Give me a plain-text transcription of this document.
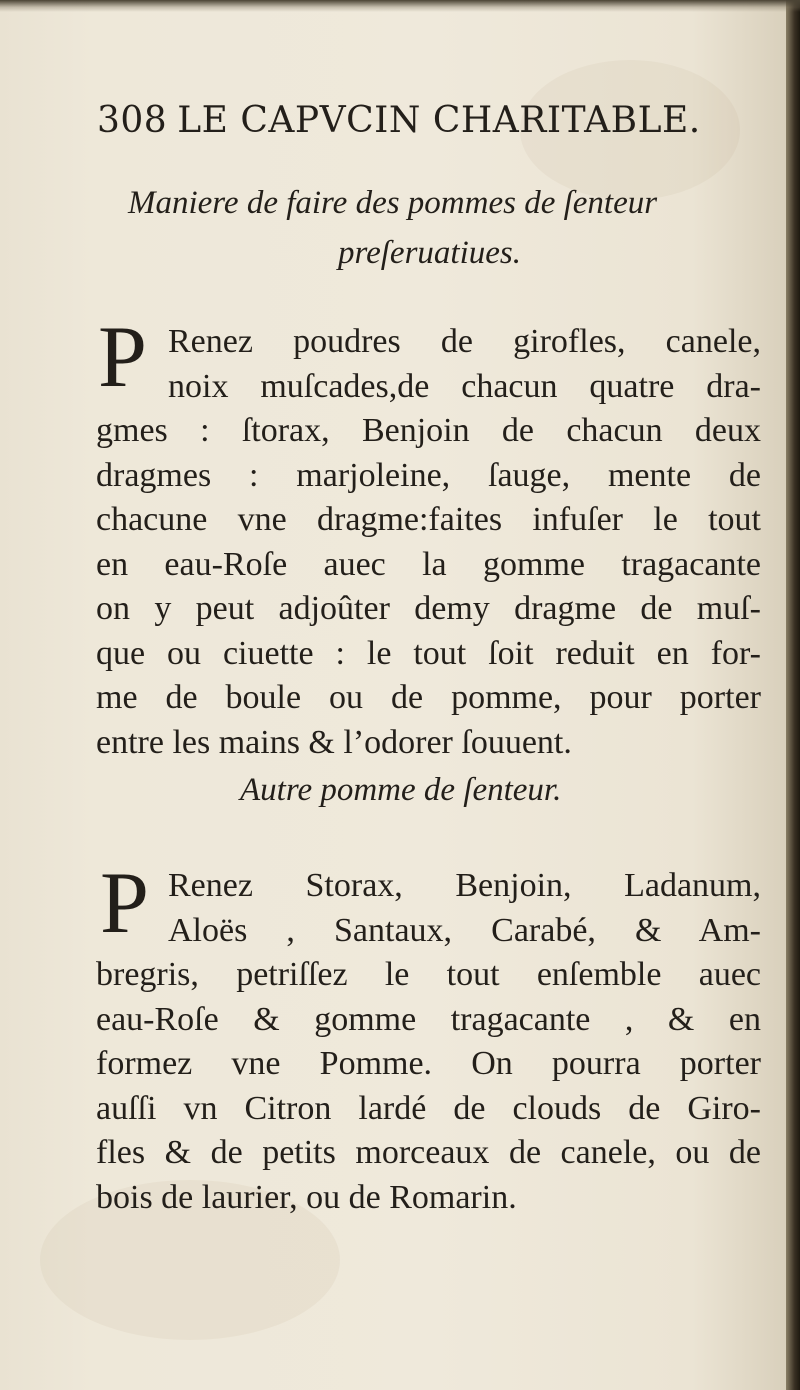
308 LE CAPVCIN CHARITABLE.
Maniere de faire des pommes de ſenteur
preſeruatiues.
P Renez poudres de girofles, canele,
noix muſcades,de chacun quatre dra-
gmes : ſtorax, Benjoin de chacun deux
dragmes : marjoleine, ſauge, mente de
chacune vne dragme:faites infuſer le tout
en eau-Roſe auec la gomme tragacante
on y peut adjoûter demy dragme de muſ-
que ou ciuette : le tout ſoit reduit en for-
me de boule ou de pomme, pour porter
entre les mains & l’odorer ſouuent.
Autre pomme de ſenteur.
P Renez Storax, Benjoin, Ladanum,
Aloës , Santaux, Carabé, & Am-
bregris, petriſſez le tout enſemble auec
eau-Roſe & gomme tragacante , & en
formez vne Pomme. On pourra porter
auſſi vn Citron lardé de clouds de Giro-
fles & de petits morceaux de canele, ou de
bois de laurier, ou de Romarin.
